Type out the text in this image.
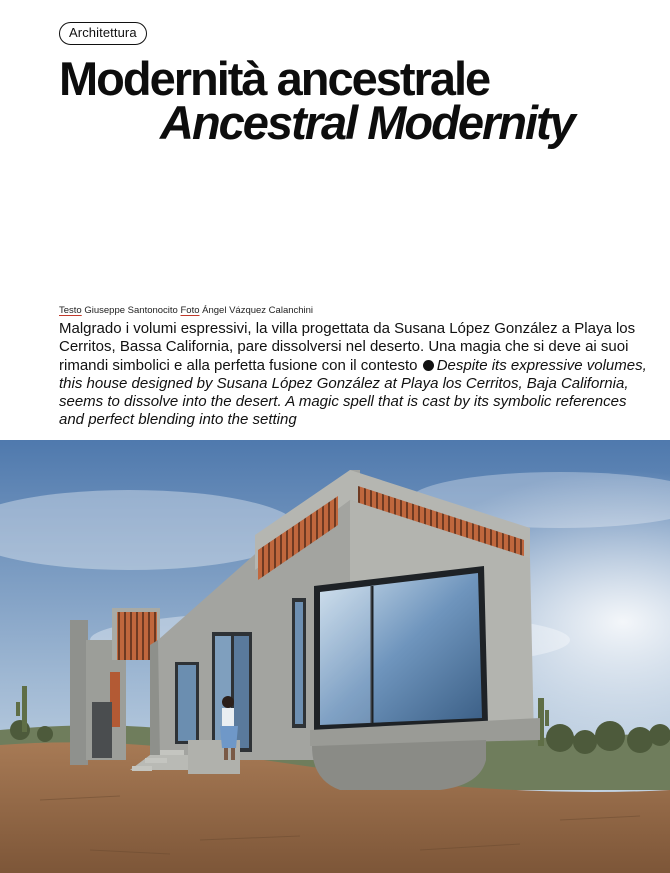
Architettura
Modernità ancestrale
Ancestral Modernity
Testo Giuseppe Santonocito Foto Ángel Vázquez Calanchini

Malgrado i volumi espressivi, la villa progettata da Susana López González a Playa los Cerritos, Bassa California, pare dissolversi nel deserto. Una magia che si deve ai suoi rimandi simbolici e alla perfetta fusione con il contesto Despite its expressive volumes, this house designed by Susana López González at Playa los Cerritos, Baja California, seems to dissolve into the desert. A magic spell that is cast by its symbolic references and perfect blending into the setting
